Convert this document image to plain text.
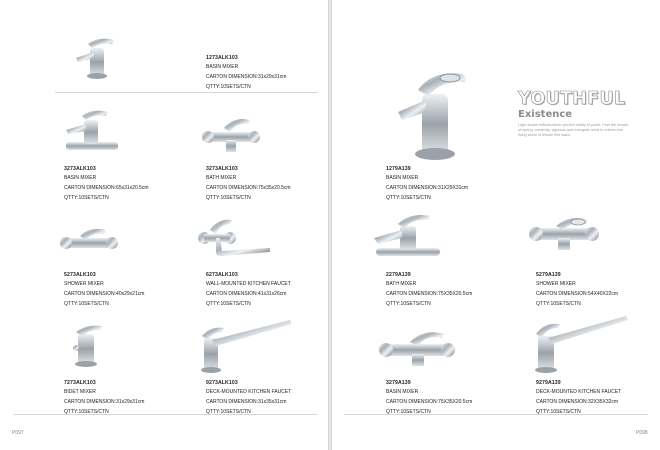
1273ALK103
BASIN MIXER
CARTON DIMENSION:31x29x31cm
QTTY:10SETS/CTN
3273ALK103
BASIN MIXER
CARTON DIMENSION:65x31x20.5cm
QTTY:10SETS/CTN
3273ALK103
BATH MIXER
CARTON DIMENSION:75x35x20.5cm
QTTY:10SETS/CTN
5273ALK103
SHOWER MIXER
CARTON DIMENSION:40x29x21cm
QTTY:10SETS/CTN
6273ALK103
WALL-MOUNTED KITCHEN FAUCET
CARTON DIMENSION:41x31x26cm
QTTY:10SETS/CTN
7273ALK103
BIDET MIXER
CARTON DIMENSION:31x29x31cm
QTTY:10SETS/CTN
9273ALK103
DECK-MOUNTED KITCHEN FAUCET
CARTON DIMENSION:31x35x31cm
QTTY:10SETS/CTN
P097	P098
YOUTHFUL
Existence
Light dream reflects sheer perfect reality of youth. Feel the breath of spring, creativity, vigorous and energetic mind to enliven the living world of leisure fine taste.
1279A139
BASIN MIXER
CARTON DIMENSION:31X29X31cm
QTTY:10SETS/CTN
2279A139
BATH MIXER
CARTON DIMENSION:75X35X20.5cm
QTTY:10SETS/CTN
5279A139
SHOWER MIXER
CARTON DIMENSION:54X40X22cm
QTTY:10SETS/CTN
3279A139
BASIN MIXER
CARTON DIMENSION:75X35X20.5cm
QTTY:10SETS/CTN
9279A139
DECK-MOUNTED KITCHEN FAUCET
CARTON DIMENSION:32X35X32cm
QTTY:10SETS/CTN
